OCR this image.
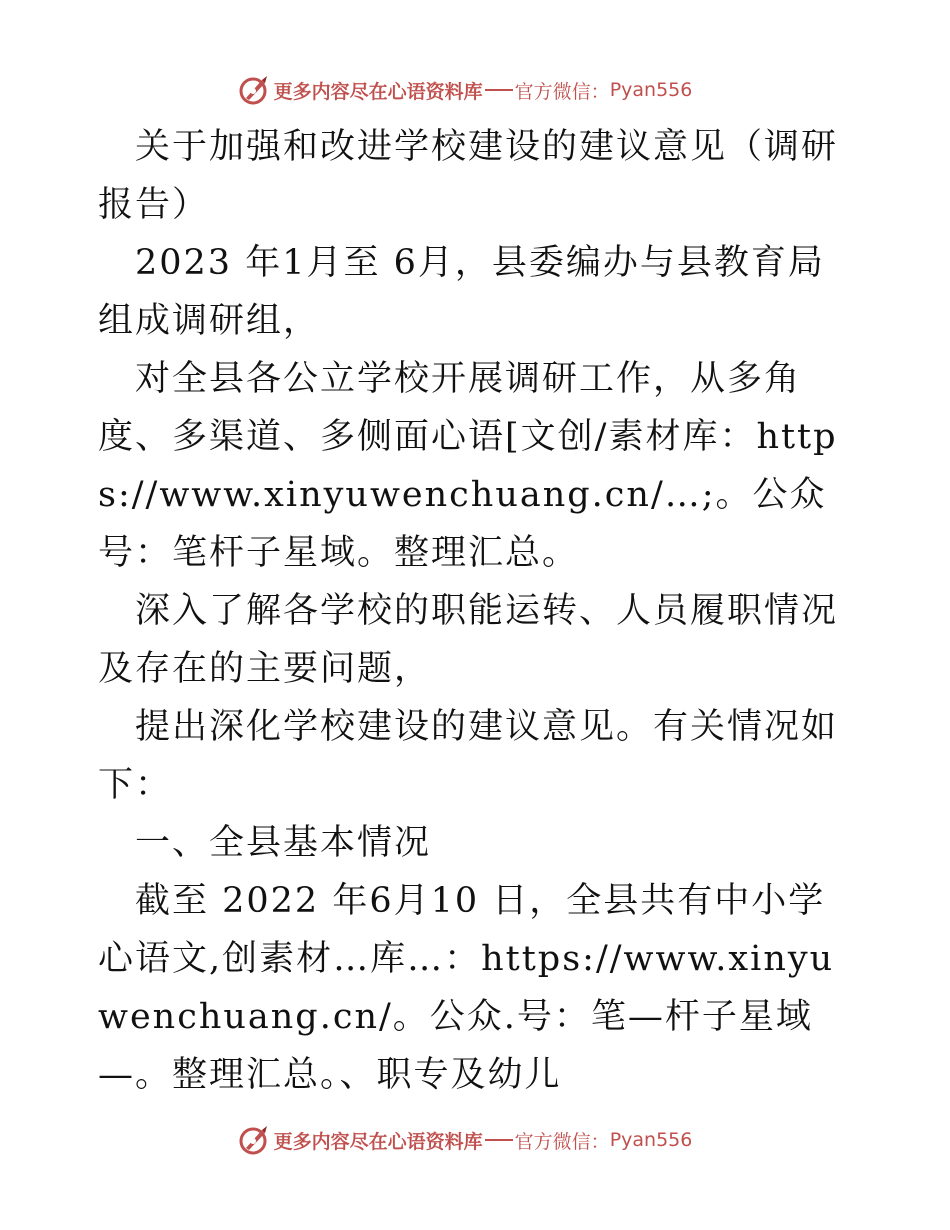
更多内容尽在心语资料库 官方微信： Pyan556

关于加强和改进学校建设的建议意见（调研报告）

2023 年1月至 6月，县委编办与县教育局组成调研组，

对全县各公立学校开展调研工作，从多角度、多渠道、多侧面心语[文创/素材库：https://www.xinyuwenchuang.cn/…;。公众号：笔杆子星域。整理汇总。

深入了解各学校的职能运转、人员履职情况及存在的主要问题，

提出深化学校建设的建议意见。有关情况如下：

一、全县基本情况

截至 2022 年6月10 日，全县共有中小学心语文,创素材…库…：https://www.xinyuwenchuang.cn/。公众.号：笔—杆子星域—。整理汇总。、职专及幼儿

更多内容尽在心语资料库 官方微信： Pyan556
